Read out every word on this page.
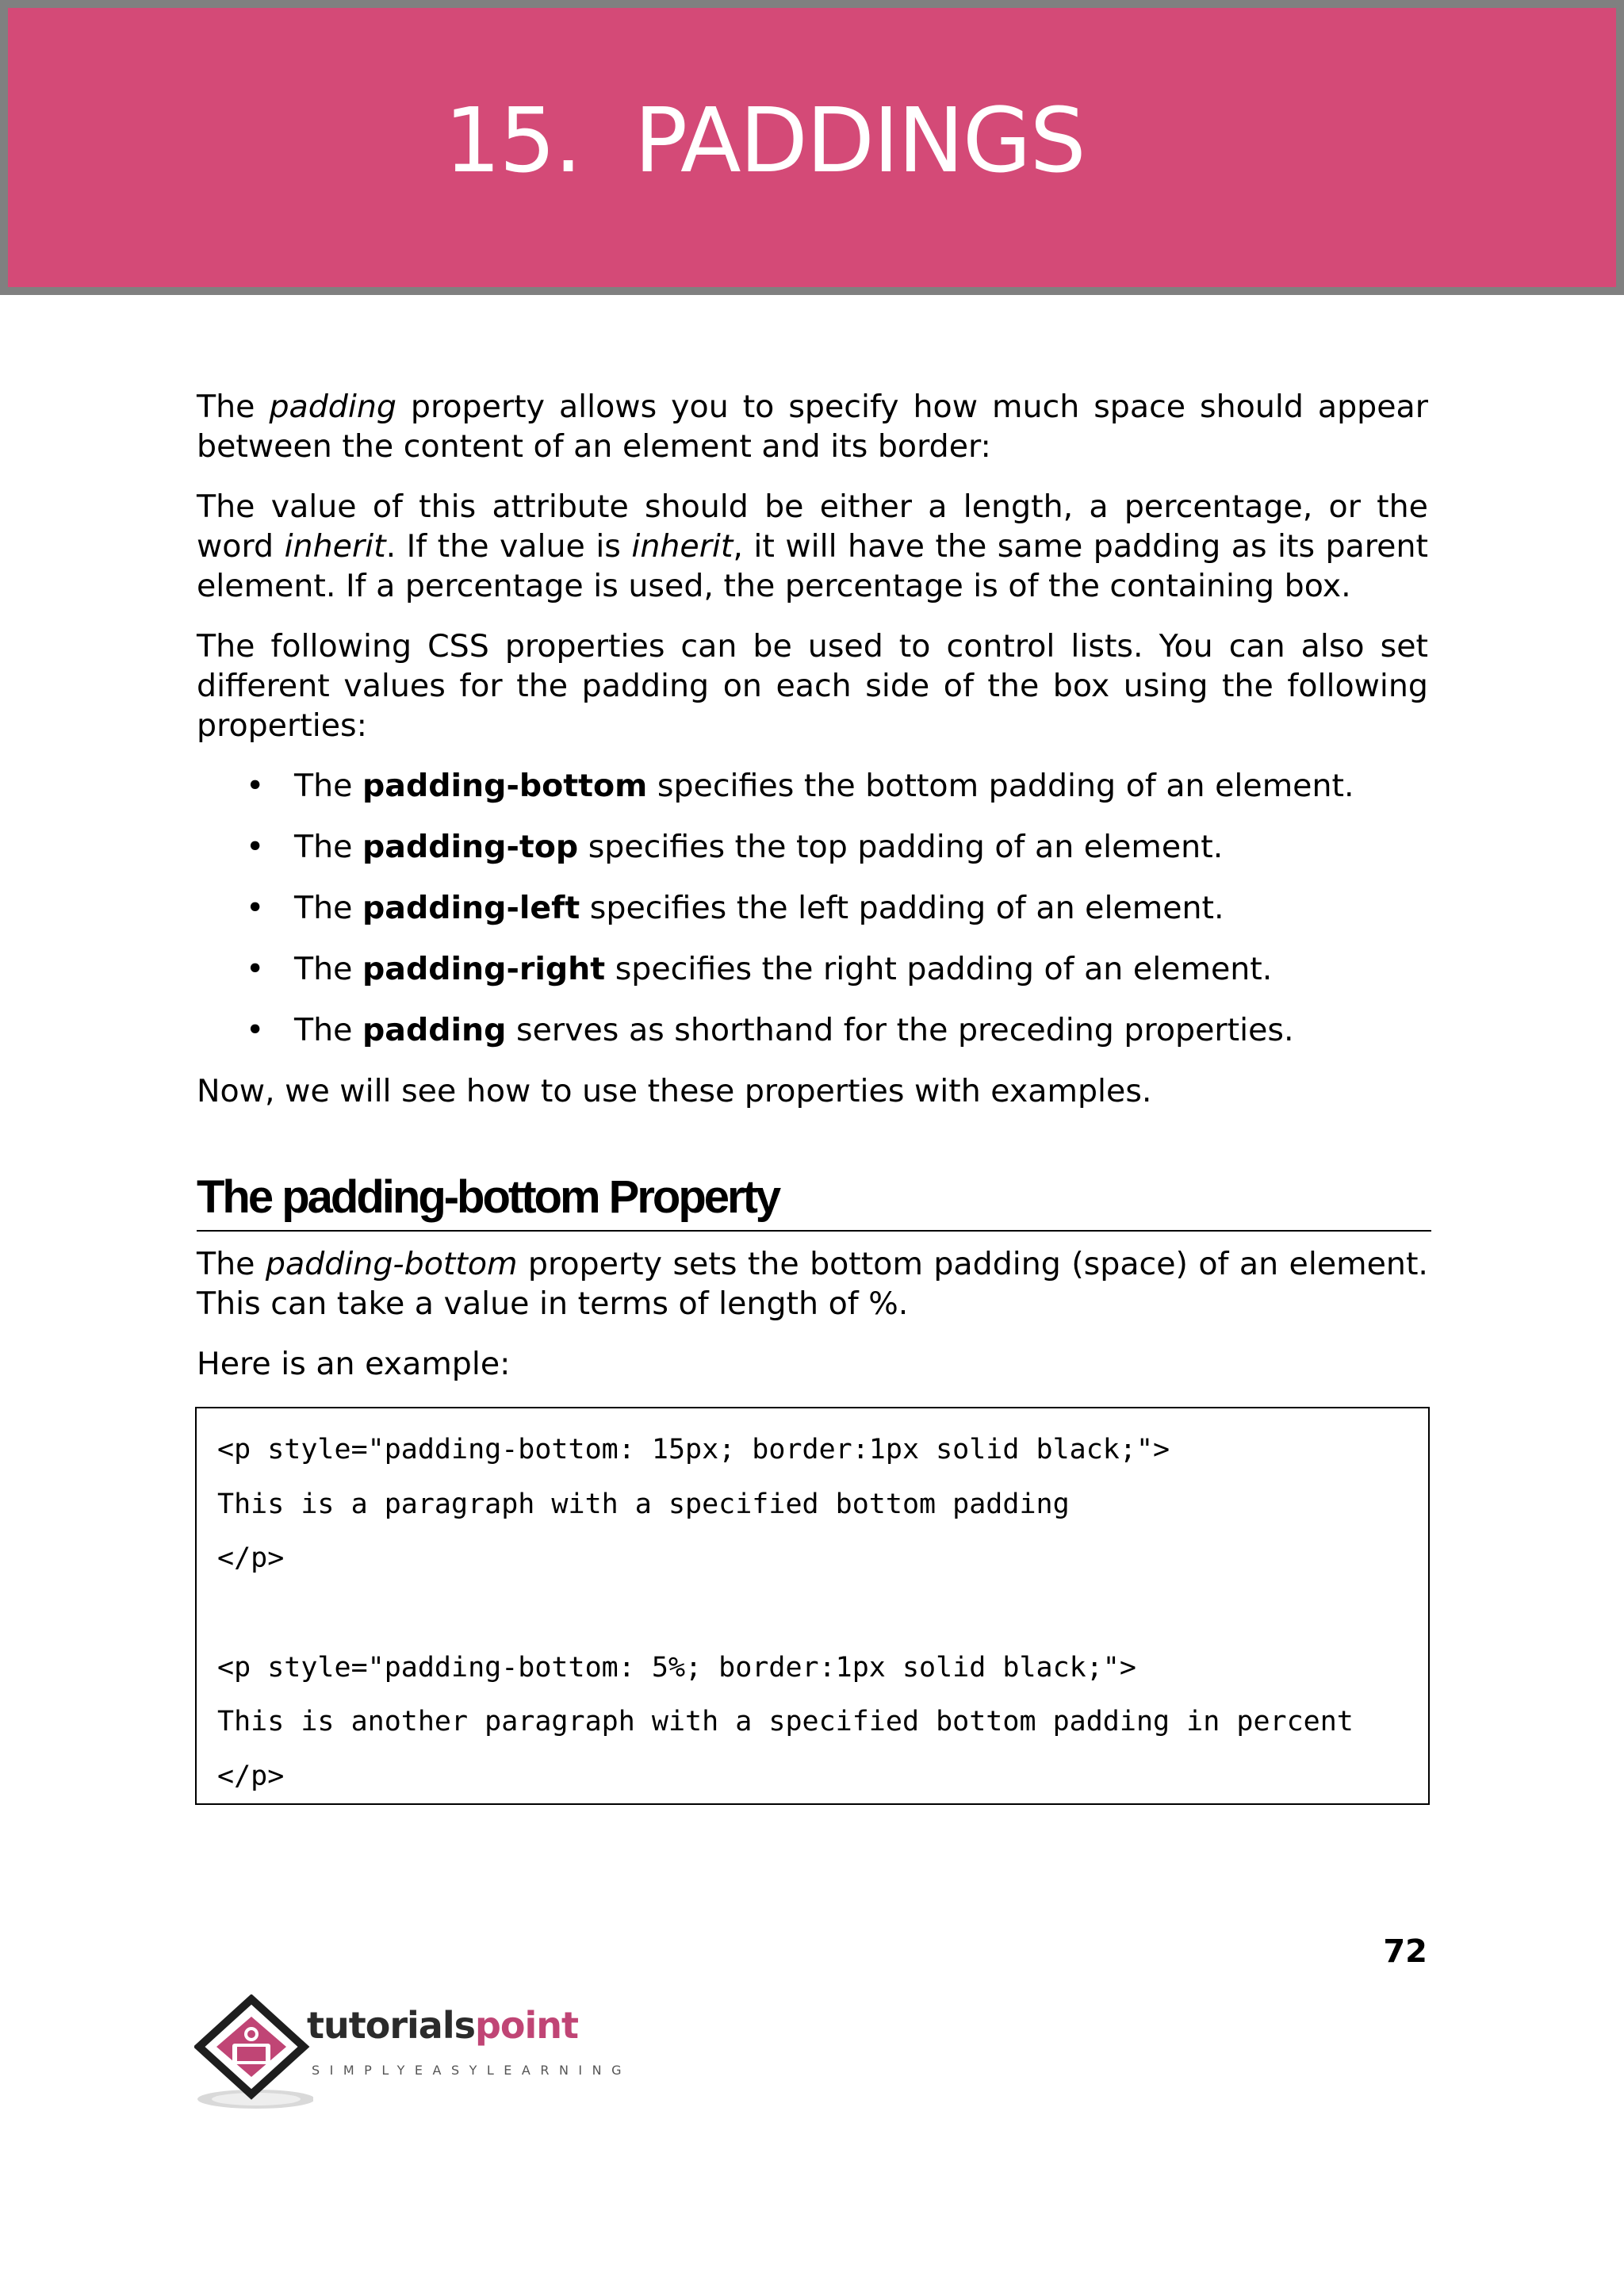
15.  PADDINGS

The padding property allows you to specify how much space should appear between the content of an element and its border:

The value of this attribute should be either a length, a percentage, or the word inherit. If the value is inherit, it will have the same padding as its parent element. If a percentage is used, the percentage is of the containing box.

The following CSS properties can be used to control lists. You can also set different values for the padding on each side of the box using the following properties:

• The padding-bottom specifies the bottom padding of an element.
• The padding-top specifies the top padding of an element.
• The padding-left specifies the left padding of an element.
• The padding-right specifies the right padding of an element.
• The padding serves as shorthand for the preceding properties.

Now, we will see how to use these properties with examples.

The padding-bottom Property

The padding-bottom property sets the bottom padding (space) of an element. This can take a value in terms of length of %.

Here is an example:

<p style="padding-bottom: 15px; border:1px solid black;">
This is a paragraph with a specified bottom padding
</p>
<p style="padding-bottom: 5%; border:1px solid black;">
This is another paragraph with a specified bottom padding in percent
</p>
72
tutorialspoint
SIMPLYEASYLEARNING
